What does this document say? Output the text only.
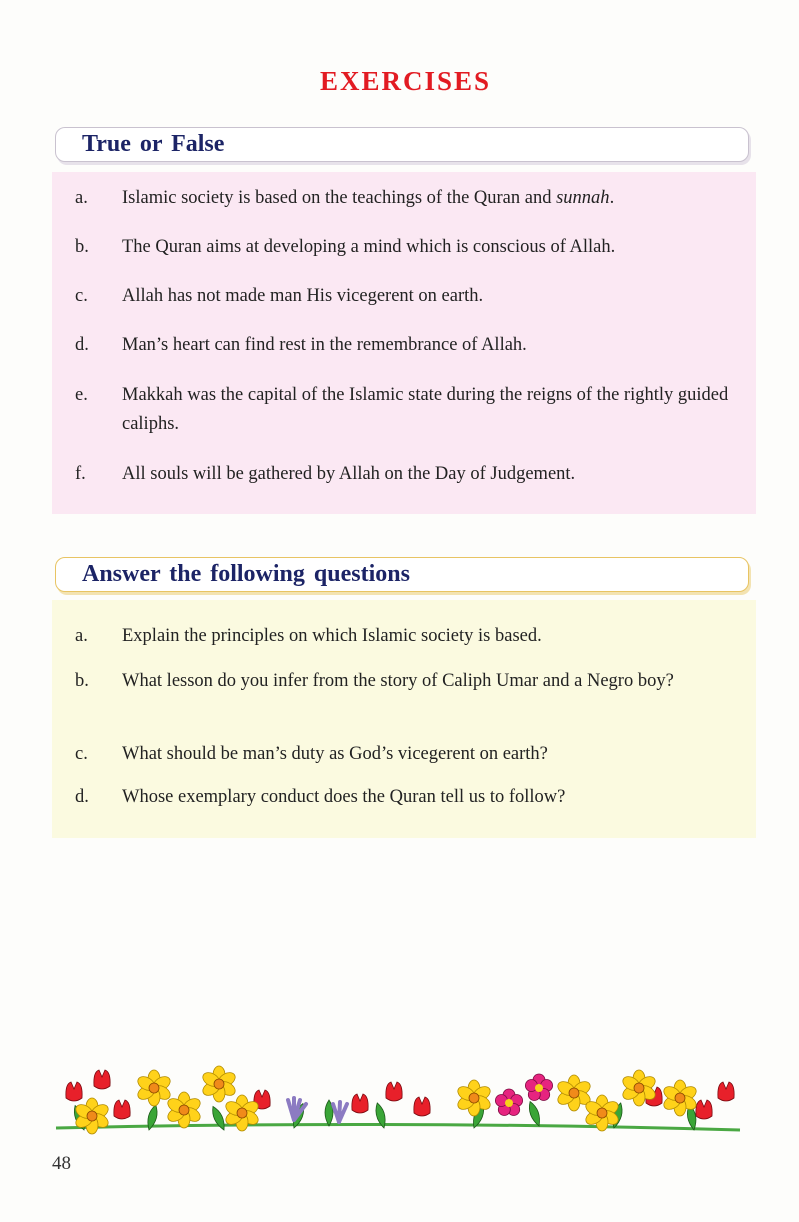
EXERCISES
True or False
a. Islamic society is based on the teachings of the Quran and sunnah.
b. The Quran aims at developing a mind which is conscious of Allah.
c. Allah has not made man His vicegerent on earth.
d. Man’s heart can find rest in the remembrance of Allah.
e. Makkah was the capital of the Islamic state during the reigns of the rightly guided caliphs.
f. All souls will be gathered by Allah on the Day of Judgement.
Answer the following questions
a. Explain the principles on which Islamic society is based.
b. What lesson do you infer from the story of Caliph Umar and a Negro boy?
c. What should be man’s duty as God’s vicegerent on earth?
d. Whose exemplary conduct does the Quran tell us to follow?

48
